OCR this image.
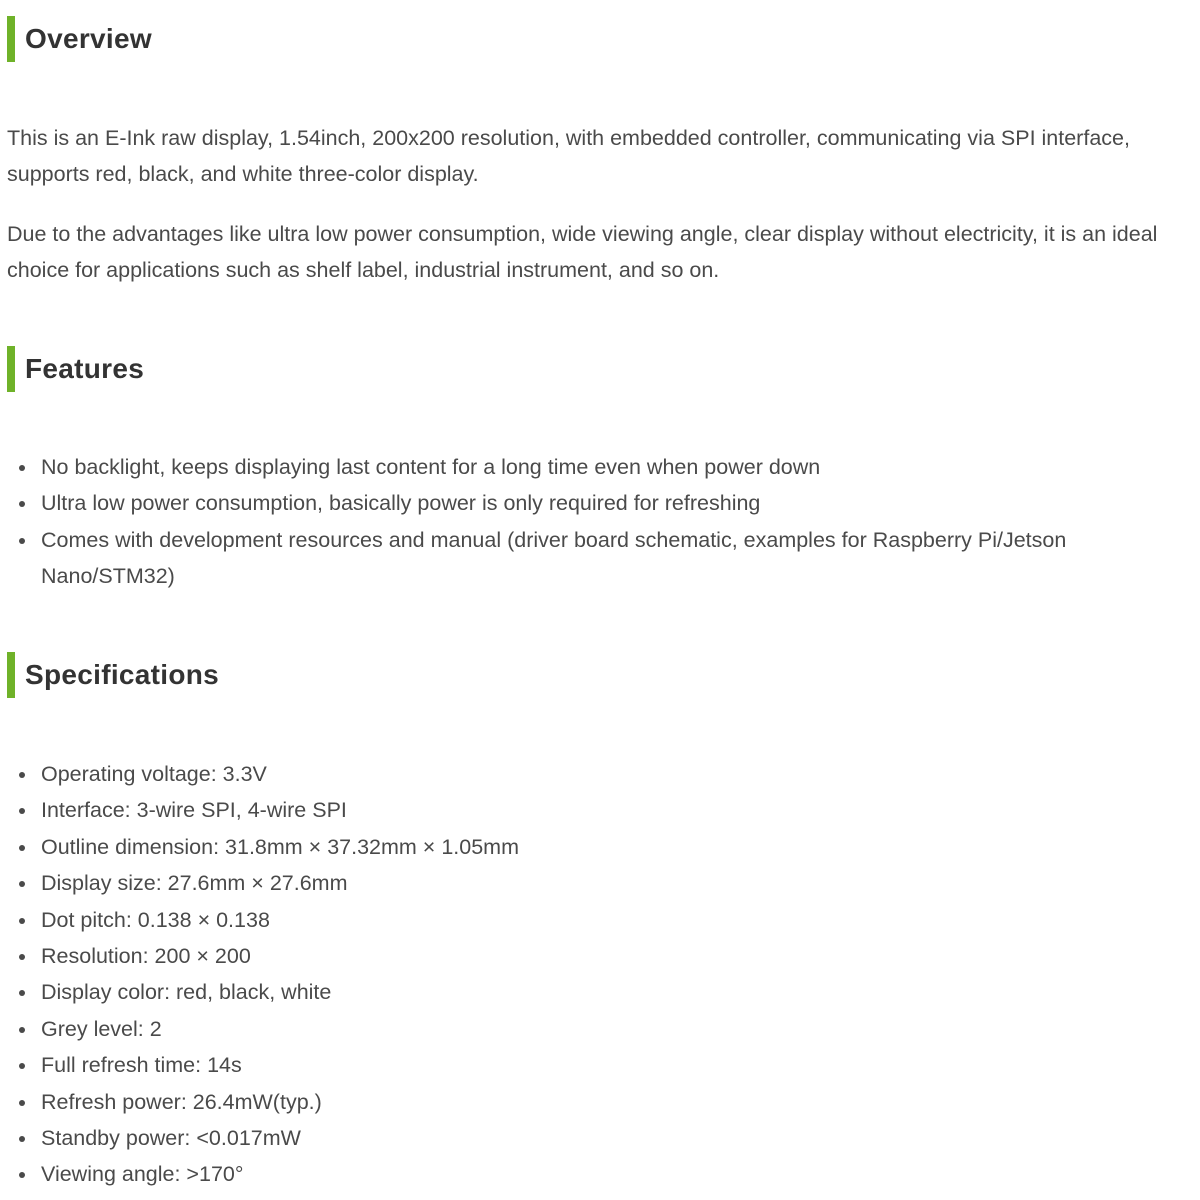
Overview

This is an E-Ink raw display, 1.54inch, 200x200 resolution, with embedded controller, communicating via SPI interface, supports red, black, and white three-color display.

Due to the advantages like ultra low power consumption, wide viewing angle, clear display without electricity, it is an ideal choice for applications such as shelf label, industrial instrument, and so on.

Features
No backlight, keeps displaying last content for a long time even when power down
Ultra low power consumption, basically power is only required for refreshing
Comes with development resources and manual (driver board schematic, examples for Raspberry Pi/Jetson Nano/STM32)
Specifications
Operating voltage: 3.3V
Interface: 3-wire SPI, 4-wire SPI
Outline dimension: 31.8mm × 37.32mm × 1.05mm
Display size: 27.6mm × 27.6mm
Dot pitch: 0.138 × 0.138
Resolution: 200 × 200
Display color: red, black, white
Grey level: 2
Full refresh time: 14s
Refresh power: 26.4mW(typ.)
Standby power: <0.017mW
Viewing angle: >170°
